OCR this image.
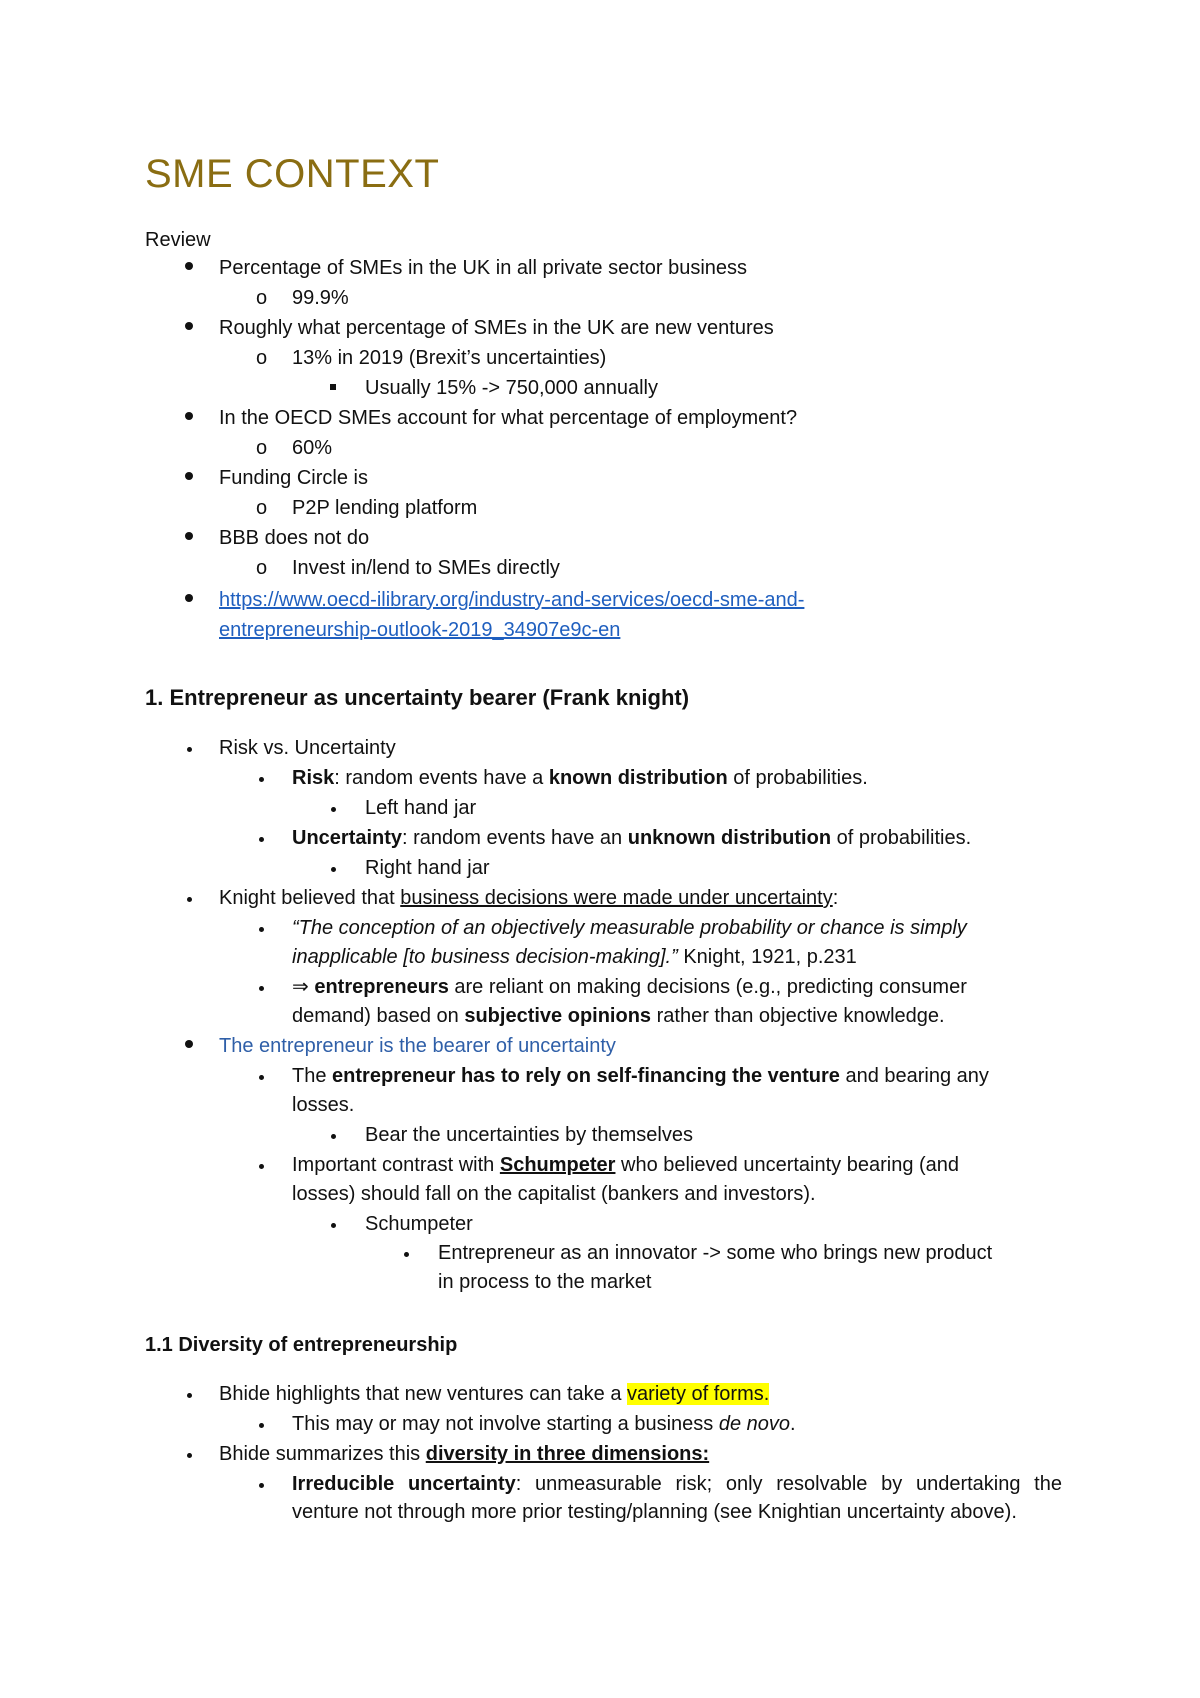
SME CONTEXT
Review
Percentage of SMEs in the UK in all private sector business
o 99.9%
Roughly what percentage of SMEs in the UK are new ventures
o 13% in 2019 (Brexit’s uncertainties)
Usually 15% -> 750,000 annually
In the OECD SMEs account for what percentage of employment?
o 60%
Funding Circle is
o P2P lending platform
BBB does not do
o Invest in/lend to SMEs directly
https://www.oecd-ilibrary.org/industry-and-services/oecd-sme-and-
entrepreneurship-outlook-2019_34907e9c-en
1. Entrepreneur as uncertainty bearer (Frank knight)
Risk vs. Uncertainty
Risk: random events have a known distribution of probabilities.
Left hand jar
Uncertainty: random events have an unknown distribution of probabilities.
Right hand jar
Knight believed that business decisions were made under uncertainty:
“The conception of an objectively measurable probability or chance is simply
inapplicable [to business decision-making].” Knight, 1921, p.231
⇒ entrepreneurs are reliant on making decisions (e.g., predicting consumer
demand) based on subjective opinions rather than objective knowledge.
The entrepreneur is the bearer of uncertainty
The entrepreneur has to rely on self-financing the venture and bearing any
losses.
Bear the uncertainties by themselves
Important contrast with Schumpeter who believed uncertainty bearing (and
losses) should fall on the capitalist (bankers and investors).
Schumpeter
Entrepreneur as an innovator -> some who brings new product
in process to the market
1.1 Diversity of entrepreneurship
Bhide highlights that new ventures can take a variety of forms.
This may or may not involve starting a business de novo.
Bhide summarizes this diversity in three dimensions:
Irreducible uncertainty: unmeasurable risk; only resolvable by undertaking the venture not through more prior testing/planning (see Knightian uncertainty above).
